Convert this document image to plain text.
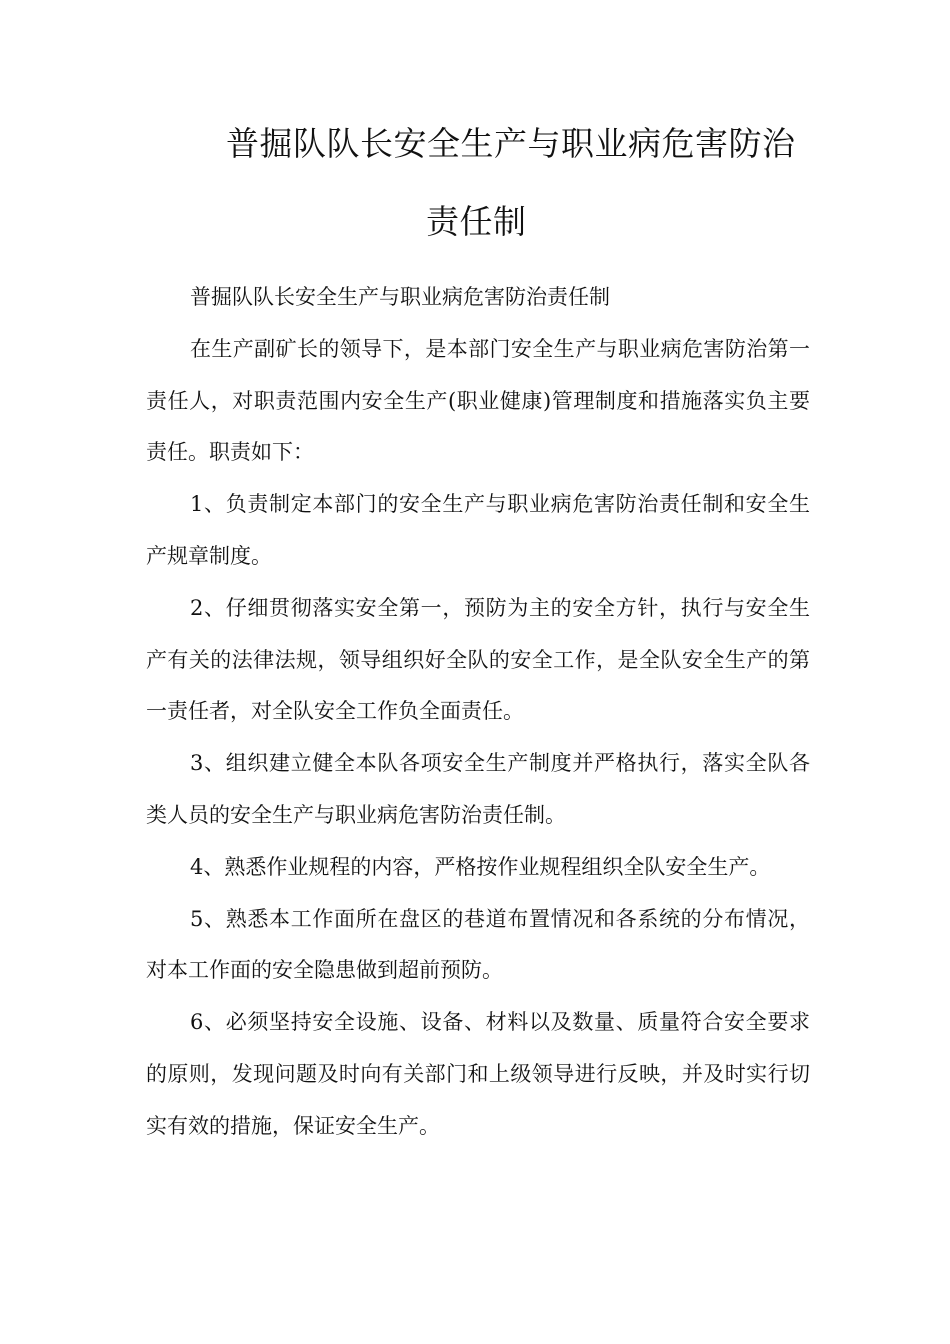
普掘队队长安全生产与职业病危害防治
责任制

普掘队队长安全生产与职业病危害防治责任制

在生产副矿长的领导下，是本部门安全生产与职业病危害防治第一责任人，对职责范围内安全生产(职业健康)管理制度和措施落实负主要责任。职责如下：

1、负责制定本部门的安全生产与职业病危害防治责任制和安全生产规章制度。

2、仔细贯彻落实安全第一，预防为主的安全方针，执行与安全生产有关的法律法规，领导组织好全队的安全工作，是全队安全生产的第一责任者，对全队安全工作负全面责任。

3、组织建立健全本队各项安全生产制度并严格执行，落实全队各类人员的安全生产与职业病危害防治责任制。

4、熟悉作业规程的内容，严格按作业规程组织全队安全生产。

5、熟悉本工作面所在盘区的巷道布置情况和各系统的分布情况，对本工作面的安全隐患做到超前预防。

6、必须坚持安全设施、设备、材料以及数量、质量符合安全要求的原则，发现问题及时向有关部门和上级领导进行反映，并及时实行切实有效的措施，保证安全生产。
